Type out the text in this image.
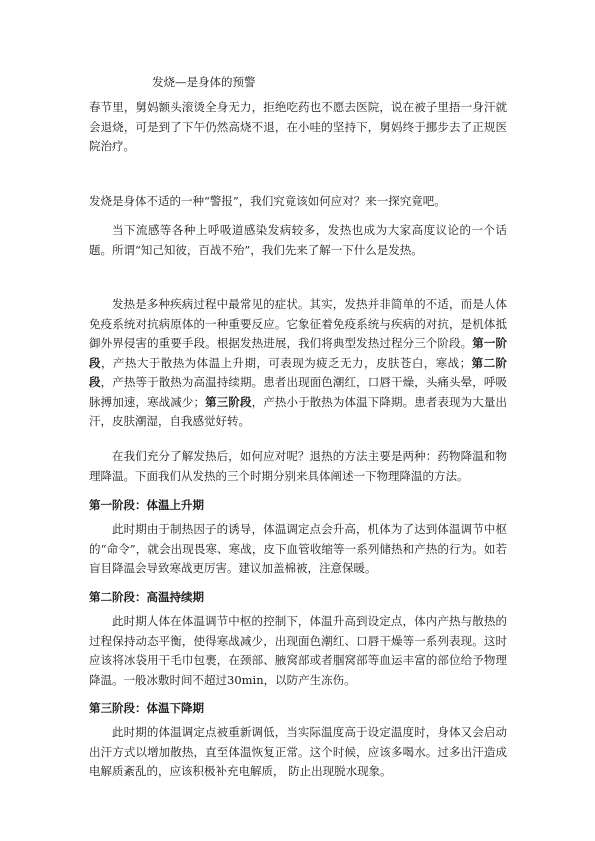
发烧—是身体的预警

春节里，舅妈额头滚烫全身无力，拒绝吃药也不愿去医院，说在被子里捂一身汗就会退烧，可是到了下午仍然高烧不退，在小哇的坚持下，舅妈终于挪步去了正规医院治疗。

发烧是身体不适的一种“警报”，我们究竟该如何应对？来一探究竟吧。

当下流感等各种上呼吸道感染发病较多，发热也成为大家高度议论的一个话题。所谓“知己知彼，百战不殆”，我们先来了解一下什么是发热。

发热是多种疾病过程中最常见的症状。其实，发热并非简单的不适，而是人体免疫系统对抗病原体的一种重要反应。它象征着免疫系统与疾病的对抗，是机体抵御外界侵害的重要手段。根据发热进展，我们将典型发热过程分三个阶段。第一阶段，产热大于散热为体温上升期，可表现为疲乏无力，皮肤苍白，寒战；第二阶段，产热等于散热为高温持续期。患者出现面色潮红，口唇干燥，头痛头晕，呼吸脉搏加速，寒战减少；第三阶段，产热小于散热为体温下降期。患者表现为大量出汗，皮肤潮湿，自我感觉好转。

在我们充分了解发热后，如何应对呢？退热的方法主要是两种：药物降温和物理降温。下面我们从发热的三个时期分别来具体阐述一下物理降温的方法。

第一阶段：体温上升期

此时期由于制热因子的诱导，体温调定点会升高，机体为了达到体温调节中枢的“命令”，就会出现畏寒、寒战，皮下血管收缩等一系列储热和产热的行为。如若盲目降温会导致寒战更厉害。建议加盖棉被，注意保暖。

第二阶段：高温持续期

此时期人体在体温调节中枢的控制下，体温升高到设定点，体内产热与散热的过程保持动态平衡，使得寒战减少，出现面色潮红、口唇干燥等一系列表现。这时应该将冰袋用干毛巾包裹，在颈部、腋窝部或者腘窝部等血运丰富的部位给予物理降温。一般冰敷时间不超过30min，以防产生冻伤。

第三阶段：体温下降期

此时期的体温调定点被重新调低，当实际温度高于设定温度时，身体又会启动出汗方式以增加散热，直至体温恢复正常。这个时候，应该多喝水。过多出汗造成电解质紊乱的，应该积极补充电解质， 防止出现脱水现象。
